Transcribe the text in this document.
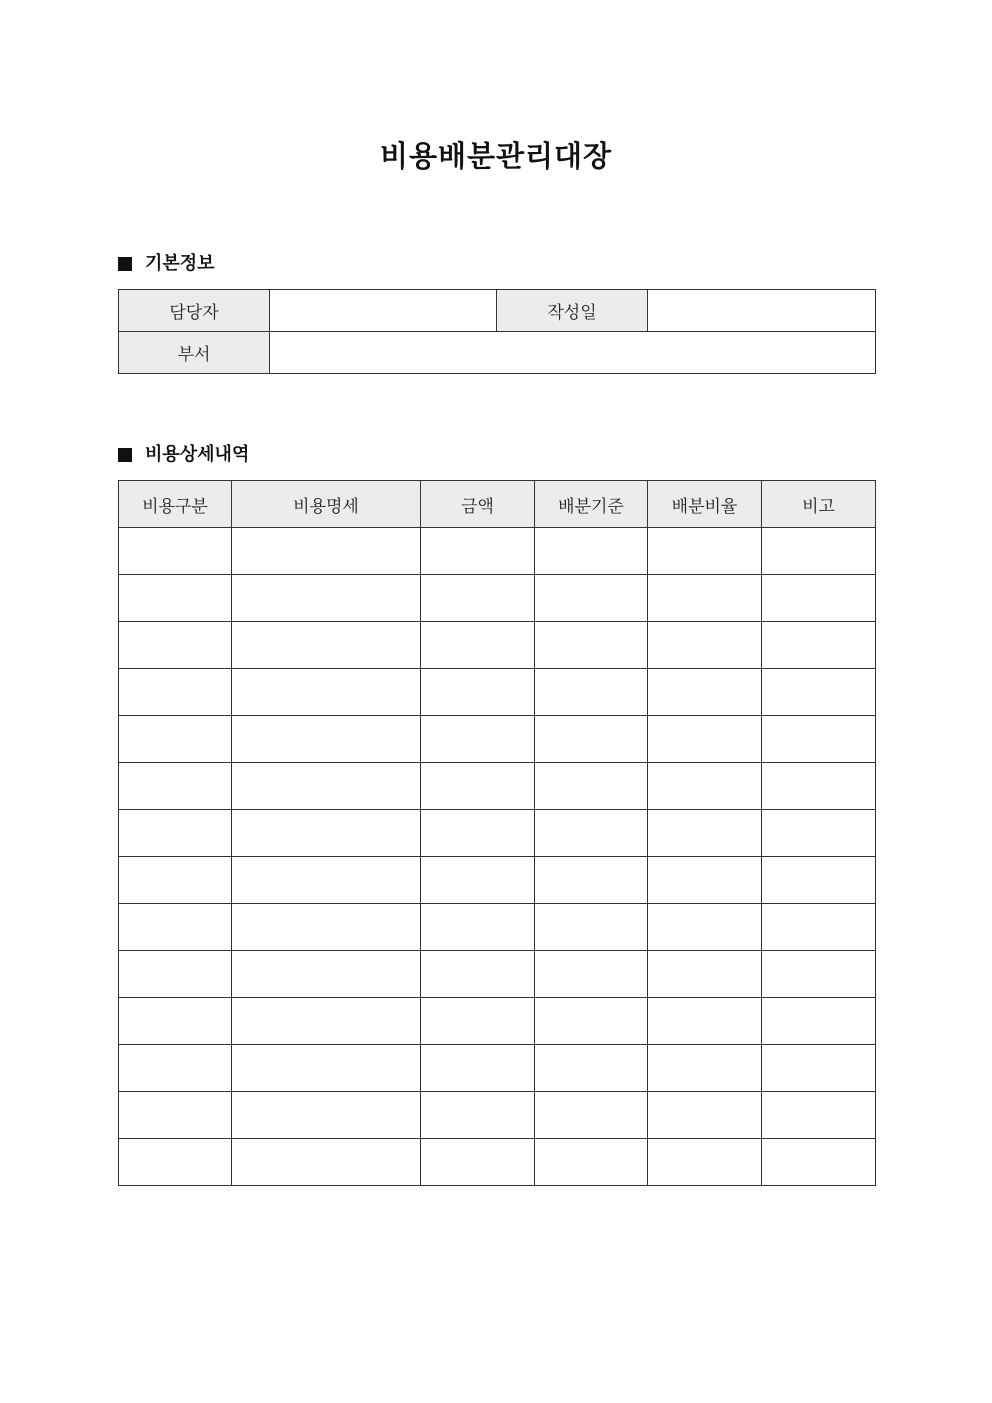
비용배분관리대장
기본정보
담당자		작성일	
부서			
비용상세내역
비용구분	비용명세	금액	배분기준	배분비율	비고
